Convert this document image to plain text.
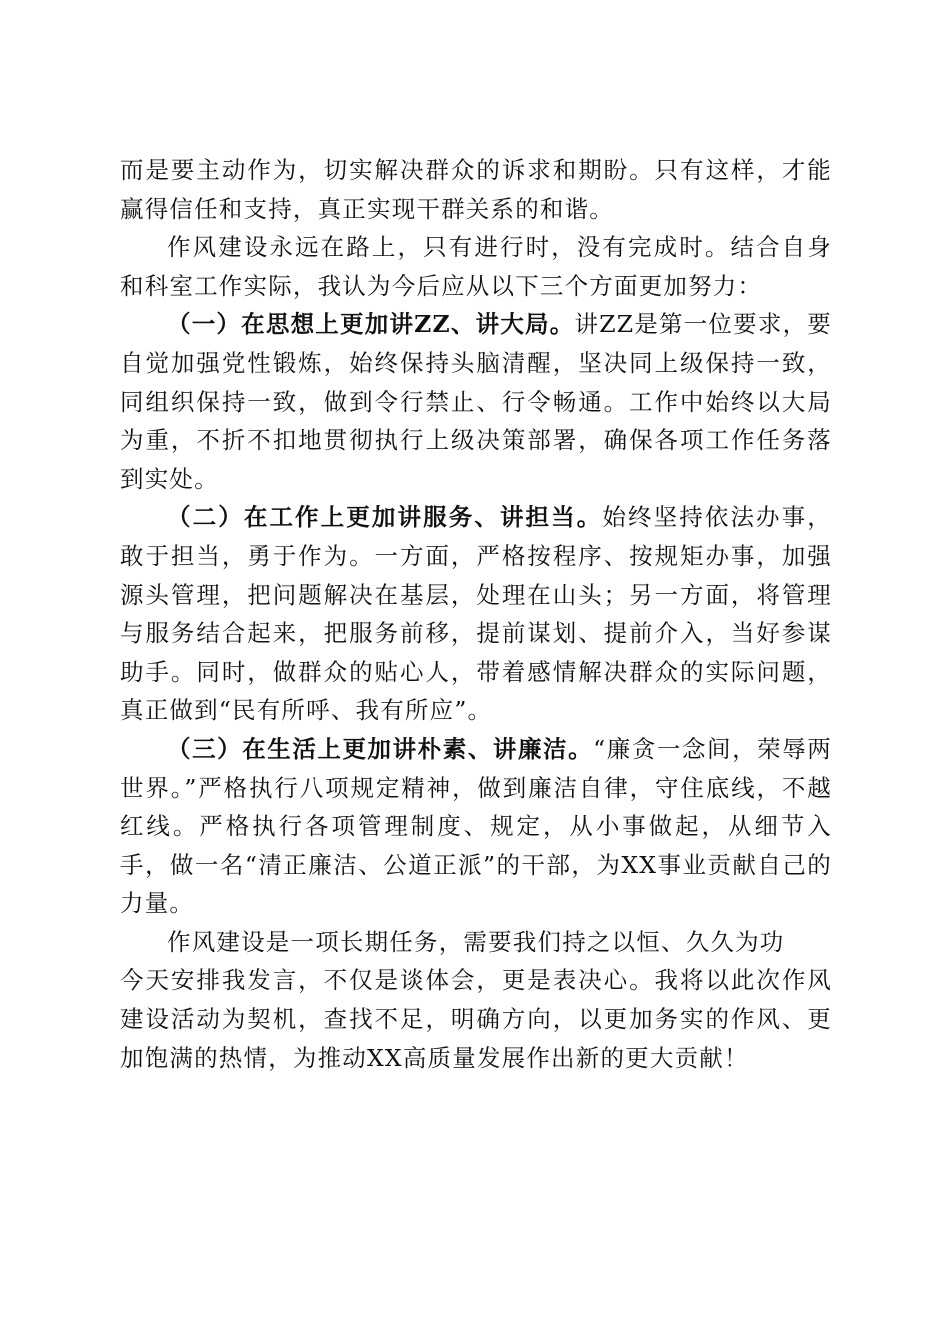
而是要主动作为，切实解决群众的诉求和期盼。只有这样，才能赢得信任和支持，真正实现干群关系的和谐。

作风建设永远在路上，只有进行时，没有完成时。结合自身和科室工作实际，我认为今后应从以下三个方面更加努力：

（一）在思想上更加讲ZZ、讲大局。讲ZZ是第一位要求，要自觉加强党性锻炼，始终保持头脑清醒，坚决同上级保持一致，同组织保持一致，做到令行禁止、行令畅通。工作中始终以大局为重，不折不扣地贯彻执行上级决策部署，确保各项工作任务落到实处。

（二）在工作上更加讲服务、讲担当。始终坚持依法办事，敢于担当，勇于作为。一方面，严格按程序、按规矩办事，加强源头管理，把问题解决在基层，处理在山头；另一方面，将管理与服务结合起来，把服务前移，提前谋划、提前介入，当好参谋助手。同时，做群众的贴心人，带着感情解决群众的实际问题，真正做到“民有所呼、我有所应”。

（三）在生活上更加讲朴素、讲廉洁。“廉贪一念间，荣辱两世界。”严格执行八项规定精神，做到廉洁自律，守住底线，不越红线。严格执行各项管理制度、规定，从小事做起，从细节入手，做一名“清正廉洁、公道正派”的干部，为XX事业贡献自己的力量。

作风建设是一项长期任务，需要我们持之以恒、久久为功

今天安排我发言，不仅是谈体会，更是表决心。我将以此次作风建设活动为契机，查找不足，明确方向，以更加务实的作风、更加饱满的热情，为推动XX高质量发展作出新的更大贡献！
